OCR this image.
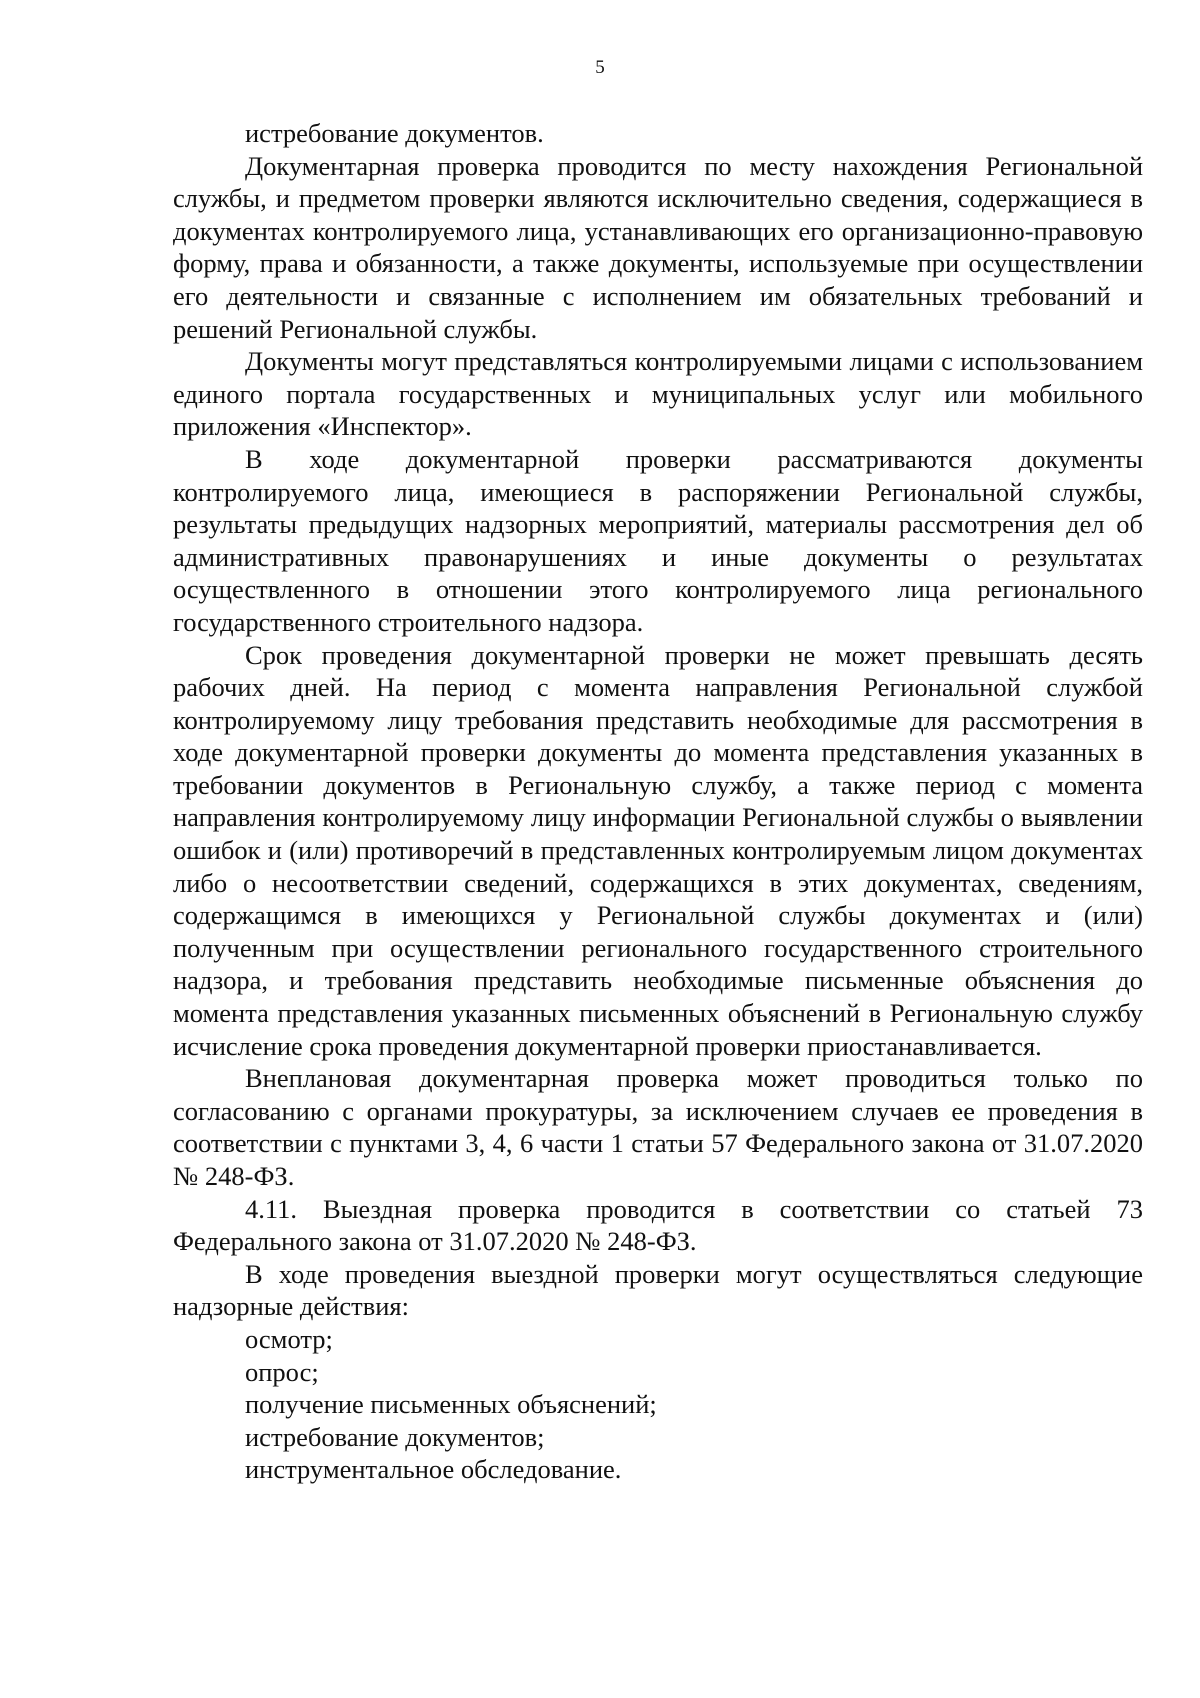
5

истребование документов.

Документарная проверка проводится по месту нахождения Региональной службы, и предметом проверки являются исключительно сведения, содержащиеся в документах контролируемого лица, устанавливающих его организационно-правовую форму, права и обязанности, а также документы, используемые при осуществлении его деятельности и связанные с исполнением им обязательных требований и решений Региональной службы.

Документы могут представляться контролируемыми лицами с использованием единого портала государственных и муниципальных услуг или мобильного приложения «Инспектор».

В ходе документарной проверки рассматриваются документы контролируемого лица, имеющиеся в распоряжении Региональной службы, результаты предыдущих надзорных мероприятий, материалы рассмотрения дел об административных правонарушениях и иные документы о результатах осуществленного в отношении этого контролируемого лица регионального государственного строительного надзора.

Срок проведения документарной проверки не может превышать десять рабочих дней. На период с момента направления Региональной службой контролируемому лицу требования представить необходимые для рассмотрения в ходе документарной проверки документы до момента представления указанных в требовании документов в Региональную службу, а также период с момента направления контролируемому лицу информации Региональной службы о выявлении ошибок и (или) противоречий в представленных контролируемым лицом документах либо о несоответствии сведений, содержащихся в этих документах, сведениям, содержащимся в имеющихся у Региональной службы документах и (или) полученным при осуществлении регионального государственного строительного надзора, и требования представить необходимые письменные объяснения до момента представления указанных письменных объяснений в Региональную службу исчисление срока проведения документарной проверки приостанавливается.

Внеплановая документарная проверка может проводиться только по согласованию с органами прокуратуры, за исключением случаев ее проведения в соответствии с пунктами 3, 4, 6 части 1 статьи 57 Федерального закона от 31.07.2020 № 248-ФЗ.

4.11. Выездная проверка проводится в соответствии со статьей 73 Федерального закона от 31.07.2020 № 248-ФЗ.

В ходе проведения выездной проверки могут осуществляться следующие надзорные действия:

осмотр;

опрос;

получение письменных объяснений;

истребование документов;

инструментальное обследование.
